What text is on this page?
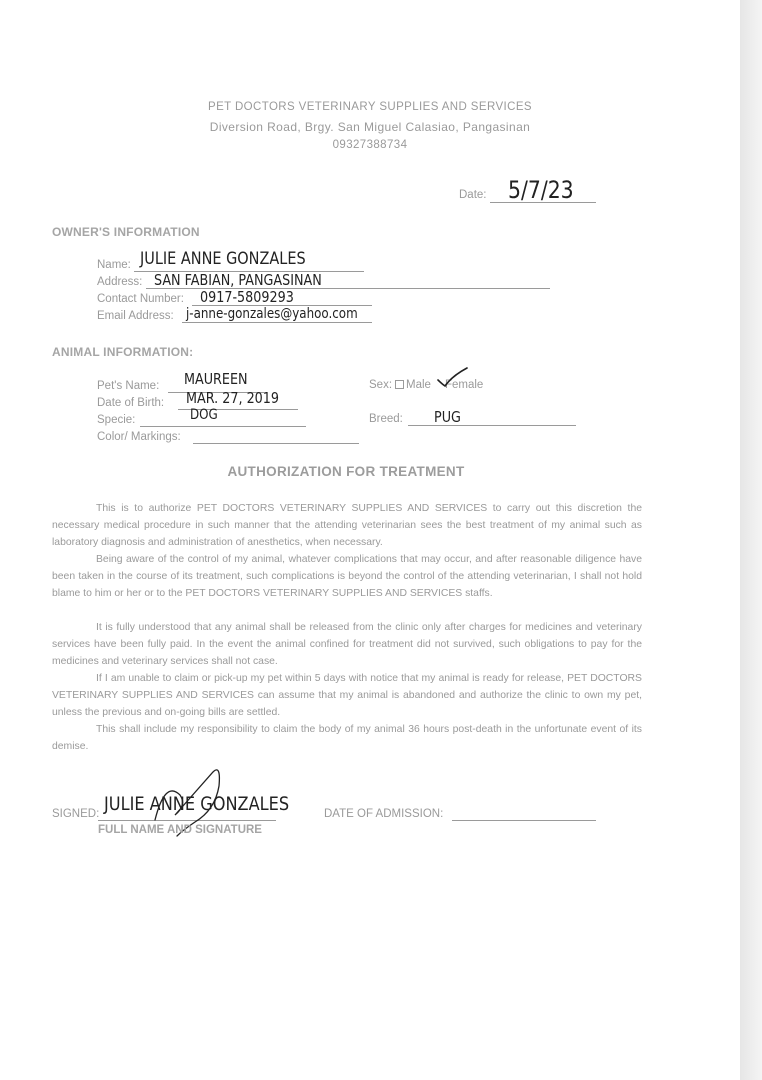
PET DOCTORS VETERINARY SUPPLIES AND SERVICES
Diversion Road, Brgy. San Miguel Calasiao, Pangasinan
09327388734
Date: 5/7/23
OWNER'S INFORMATION
Name: JULIE ANNE GONZALES
Address: SAN FABIAN, PANGASINAN
Contact Number: 0917-5809293
Email Address: j-anne-gonzales@yahoo.com
ANIMAL INFORMATION:
Pet's Name: MAUREEN
Date of Birth: MAR. 27, 2019
Specie:	DOG
Color/ Markings:
Sex: Male Female
Breed: PUG
AUTHORIZATION FOR TREATMENT

This is to authorize PET DOCTORS VETERINARY SUPPLIES AND SERVICES to carry out this discretion the necessary medical procedure in such manner that the attending veterinarian sees the best treatment of my animal such as laboratory diagnosis and administration of anesthetics, when necessary.

Being aware of the control of my animal, whatever complications that may occur, and after reasonable diligence have been taken in the course of its treatment, such complications is beyond the control of the attending veterinarian, I shall not hold blame to him or her or to the PET DOCTORS VETERINARY SUPPLIES AND SERVICES staffs.

It is fully understood that any animal shall be released from the clinic only after charges for medicines and veterinary services have been fully paid. In the event the animal confined for treatment did not survived, such obligations to pay for the medicines and veterinary services shall not case.

If I am unable to claim or pick-up my pet within 5 days with notice that my animal is ready for release, PET DOCTORS VETERINARY SUPPLIES AND SERVICES can assume that my animal is abandoned and authorize the clinic to own my pet, unless the previous and on-going bills are settled.

This shall include my responsibility to claim the body of my animal 36 hours post-death in the unfortunate event of its demise.

SIGNED: JULIE ANNE GONZALES
FULL NAME AND SIGNATURE
DATE OF ADMISSION:
